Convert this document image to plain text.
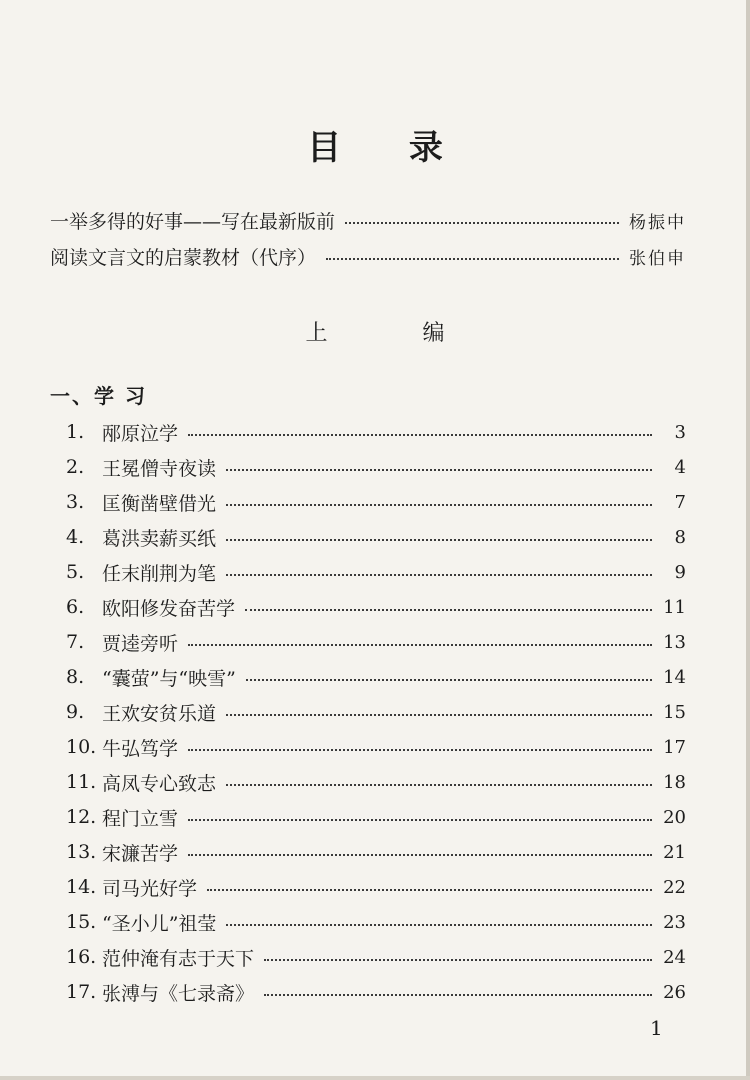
目 录
一举多得的好事——写在最新版前	杨振中
阅读文言文的启蒙教材（代序）	张伯申
上 编
一、学 习
1. 邴原泣学	3
2. 王冕僧寺夜读	4
3. 匡衡凿壁借光	7
4. 葛洪卖薪买纸	8
5. 任末削荆为笔	9
6. 欧阳修发奋苦学	11
7. 贾逵旁听	13
8. “囊萤”与“映雪”	14
9. 王欢安贫乐道	15
10. 牛弘笃学	17
11. 高凤专心致志	18
12. 程门立雪	20
13. 宋濂苦学	21
14. 司马光好学	22
15. “圣小儿”祖莹	23
16. 范仲淹有志于天下	24
17. 张溥与《七录斋》	26
1
